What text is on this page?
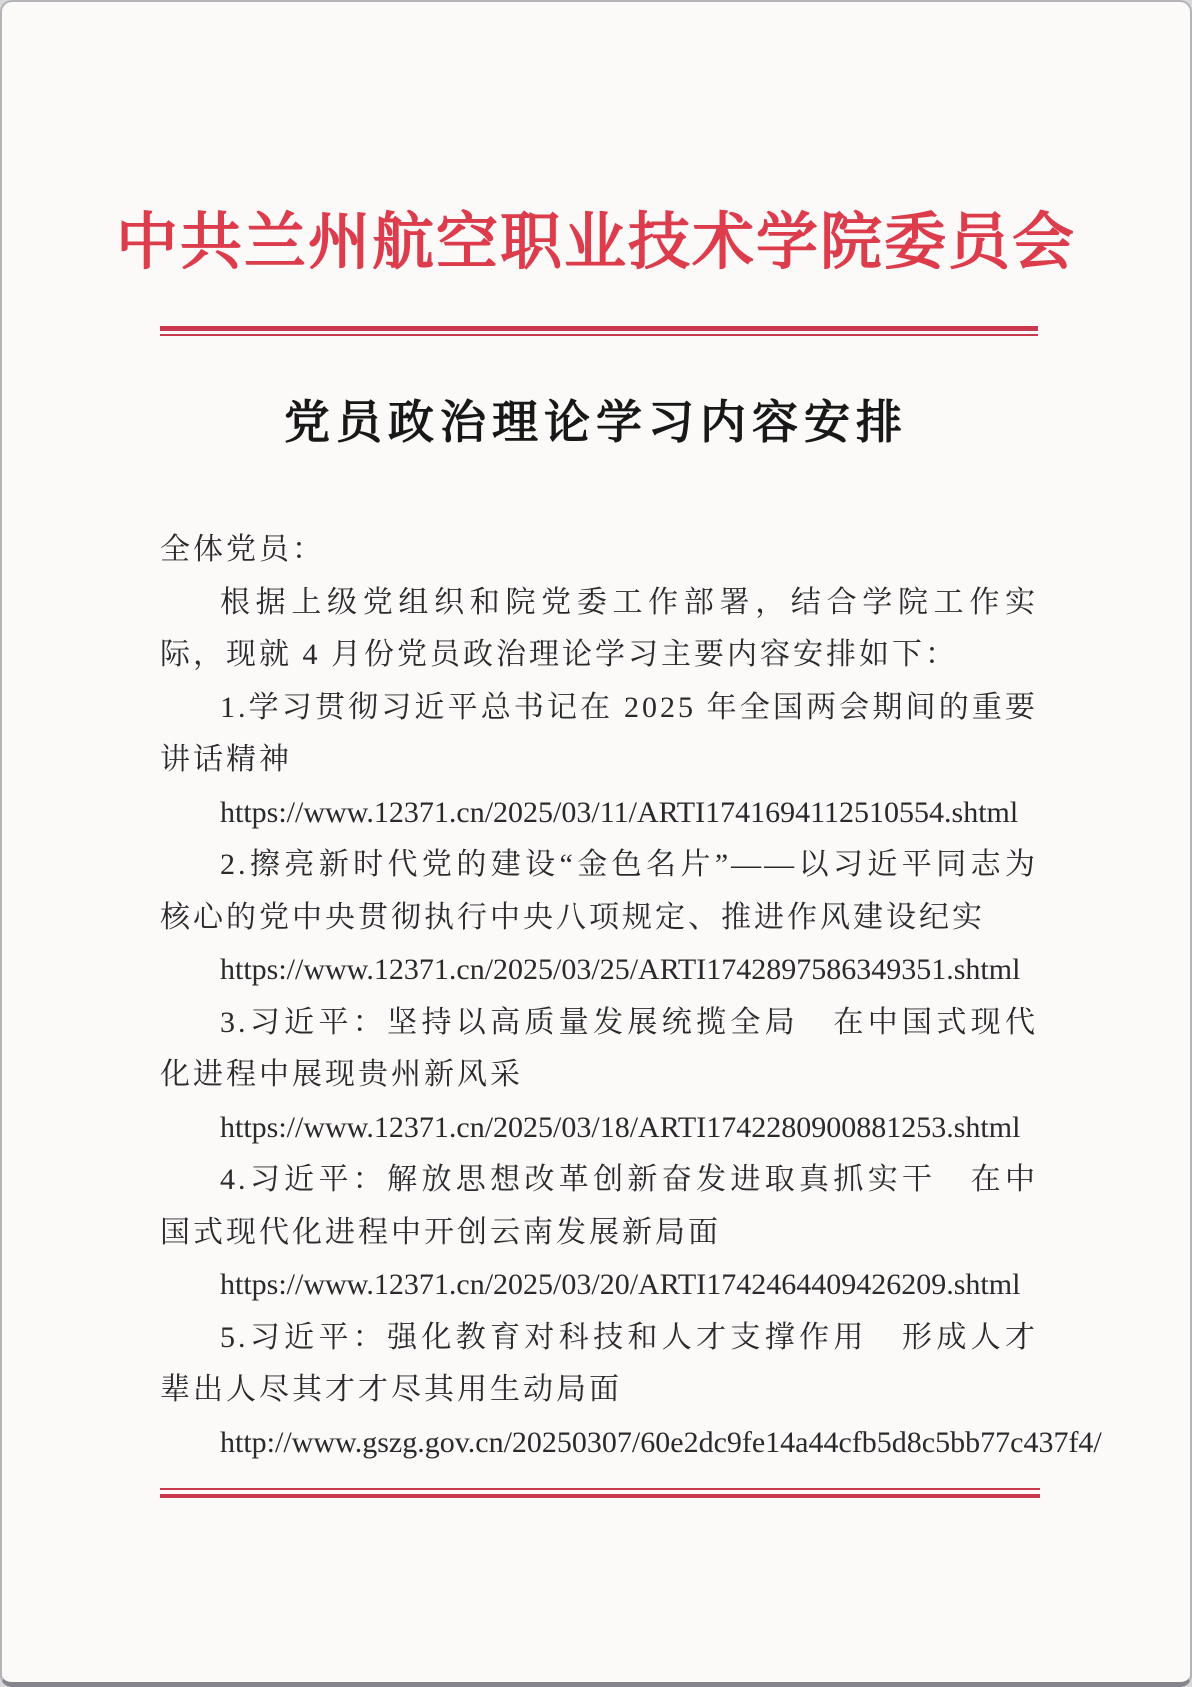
中共兰州航空职业技术学院委员会
党员政治理论学习内容安排

全体党员：

根据上级党组织和院党委工作部署，结合学院工作实际，现就 4 月份党员政治理论学习主要内容安排如下：

1.学习贯彻习近平总书记在 2025 年全国两会期间的重要讲话精神

https://www.12371.cn/2025/03/11/ARTI1741694112510554.shtml

2.擦亮新时代党的建设“金色名片”——以习近平同志为核心的党中央贯彻执行中央八项规定、推进作风建设纪实

https://www.12371.cn/2025/03/25/ARTI1742897586349351.shtml

3.习近平：坚持以高质量发展统揽全局　在中国式现代化进程中展现贵州新风采

https://www.12371.cn/2025/03/18/ARTI1742280900881253.shtml

4.习近平：解放思想改革创新奋发进取真抓实干　在中国式现代化进程中开创云南发展新局面

https://www.12371.cn/2025/03/20/ARTI1742464409426209.shtml

5.习近平：强化教育对科技和人才支撑作用　形成人才辈出人尽其才才尽其用生动局面

http://www.gszg.gov.cn/20250307/60e2dc9fe14a44cfb5d8c5bb77c437f4/
